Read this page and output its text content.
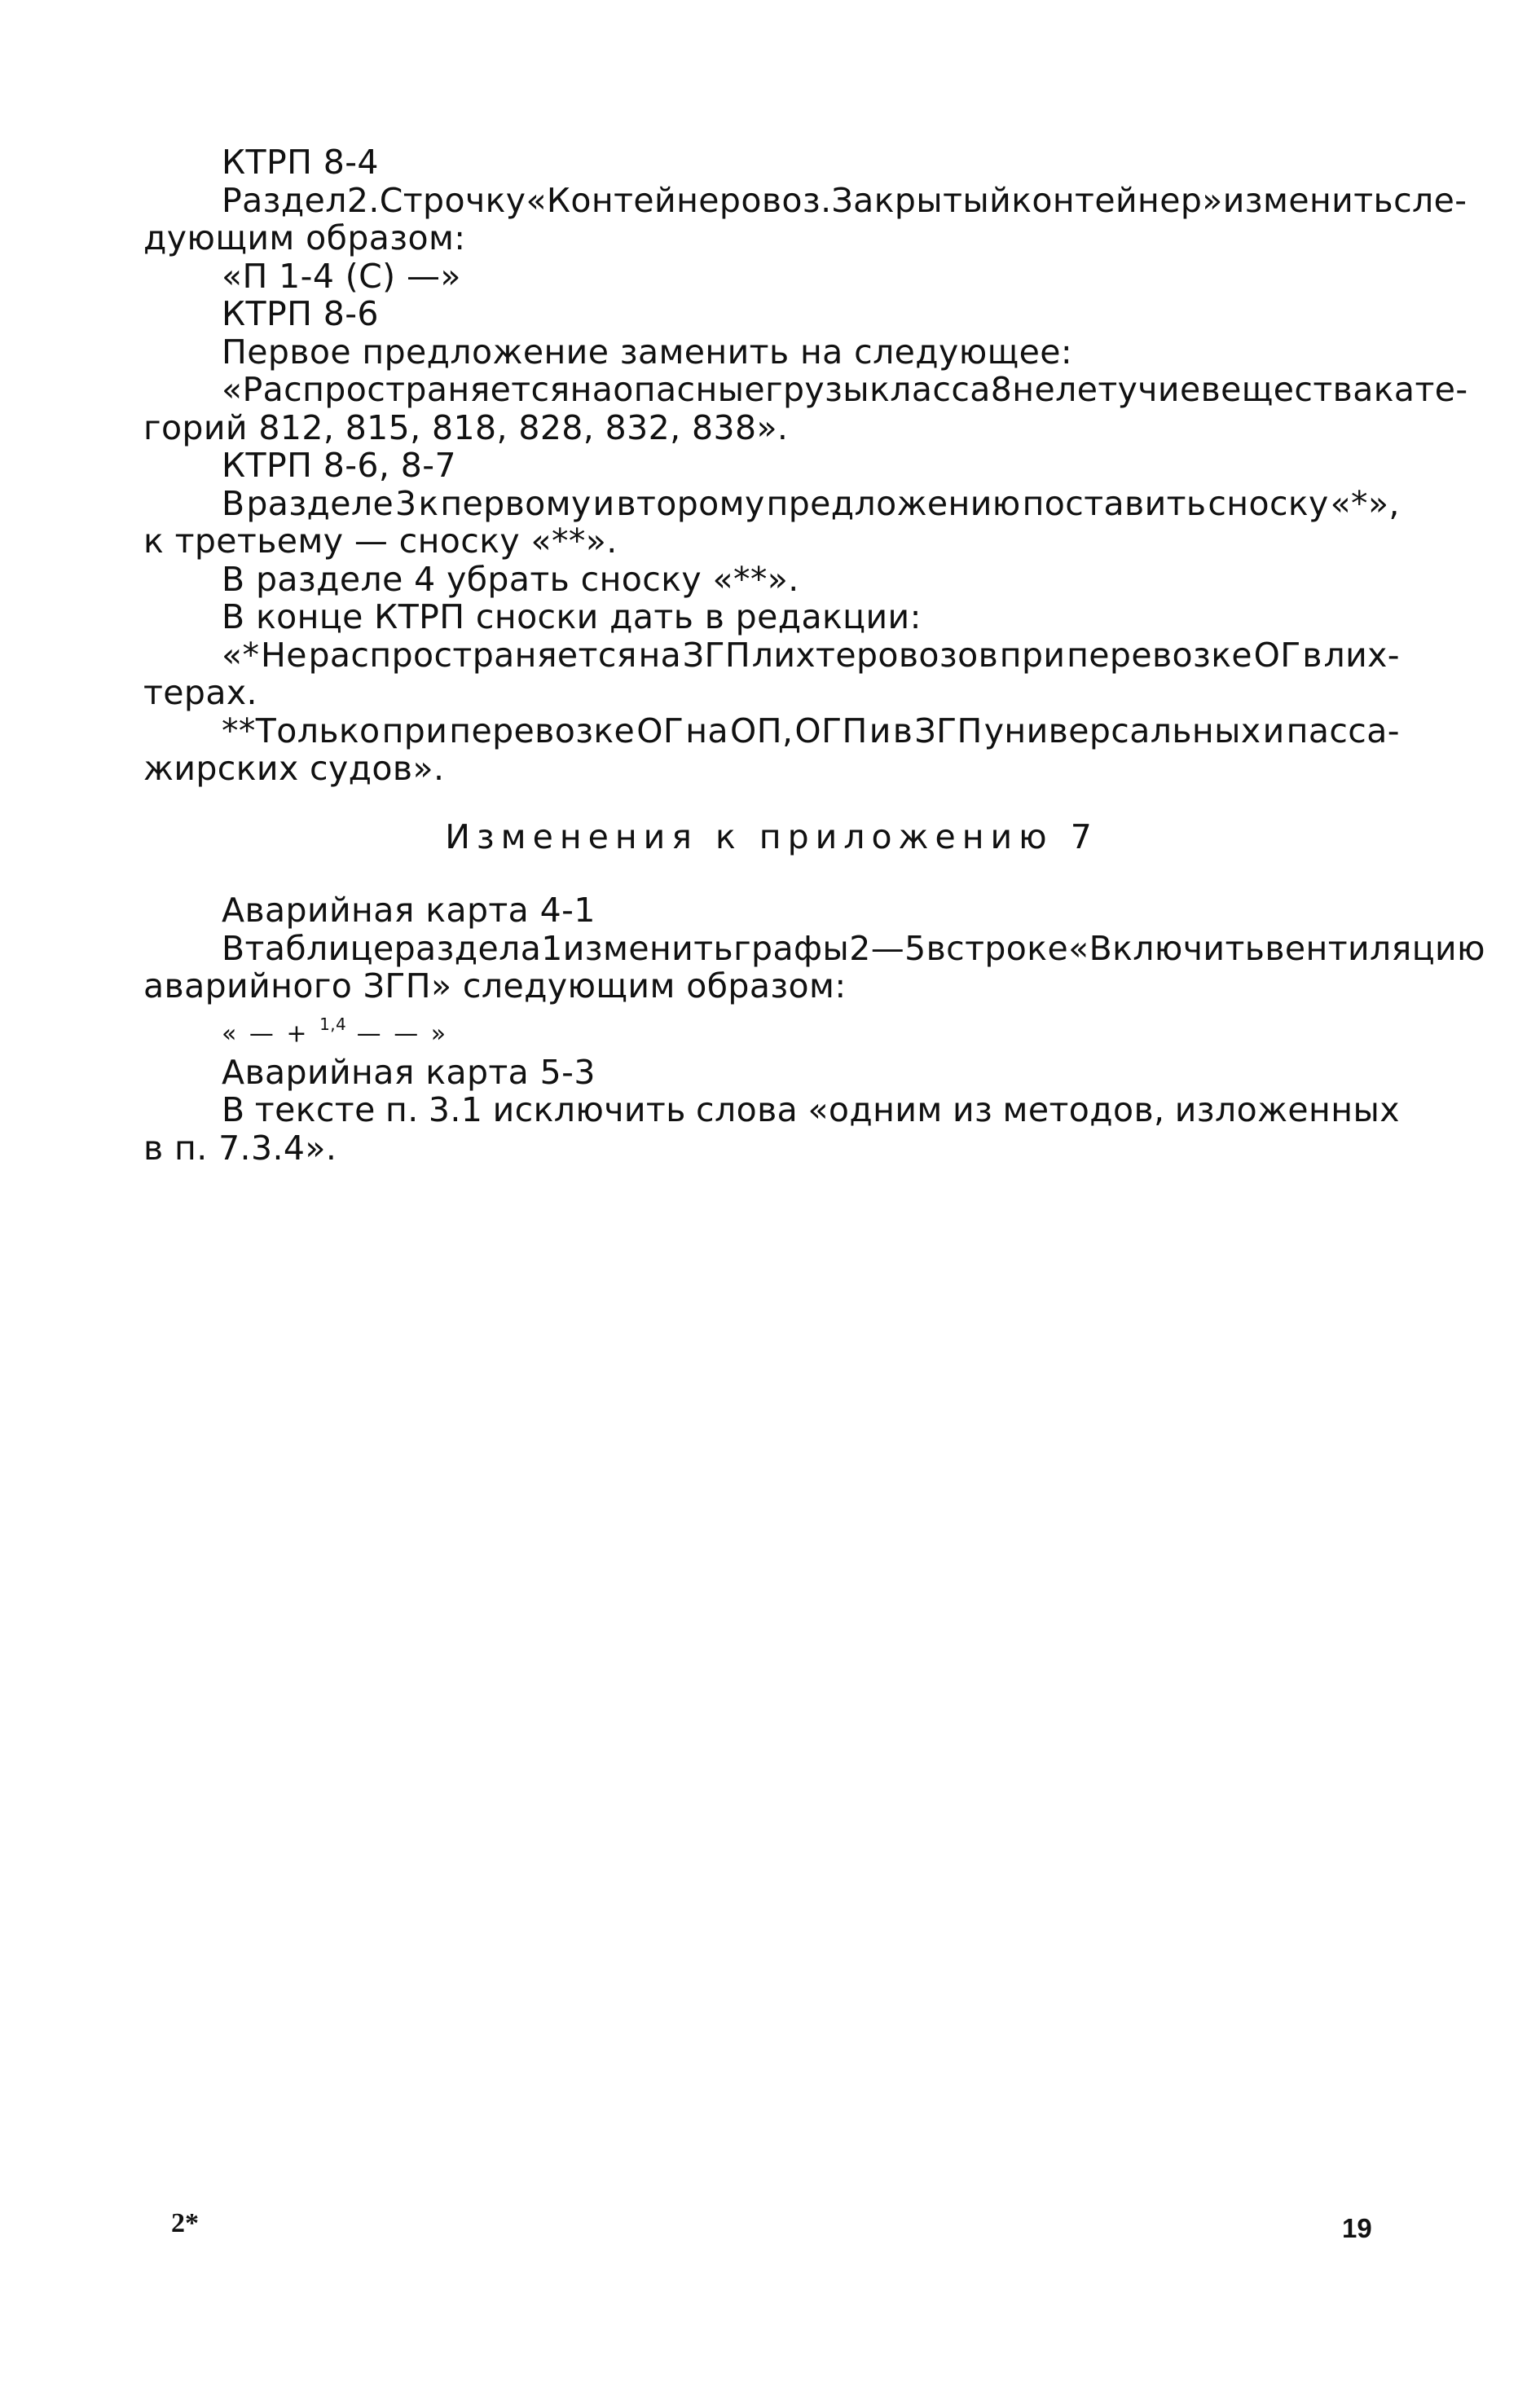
КТРП 8-4
Раздел 2. Строчку «Контейнеровоз. Закрытый контейнер» изменить сле-
дующим образом:
«П 1-4 (С) —»
КТРП 8-6
Первое предложение заменить на следующее:
«Распространяется на опасные грузы класса 8 нелетучие вещества кате-
горий 812, 815, 818, 828, 832, 838».
КТРП 8-6, 8-7
В разделе 3 к первому и второму предложению поставить сноску «*»,
к третьему — сноску «**».
В разделе 4 убрать сноску «**».
В конце КТРП сноски дать в редакции:
«* Не распространяется на ЗГП лихтеровозов при перевозке ОГ в лих-
терах.
**Только при перевозке ОГ на ОП, ОГП и в ЗГП универсальных и пасса-
жирских судов».
Изменения к приложению 7
Аварийная карта 4-1
В таблице раздела 1 изменить графы 2—5 в строке «Включить вентиляцию
аварийного ЗГП» следующим образом:
« — + $^{1,4}$ — — »
Аварийная карта 5-3
В тексте п. 3.1 исключить слова «одним из методов, изложенных
в п. 7.3.4».
2*	19
